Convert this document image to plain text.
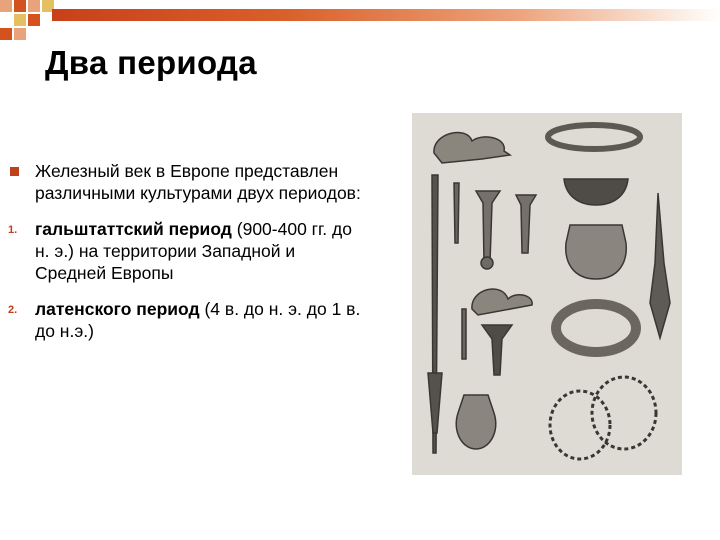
Два периода
Железный век в Европе представлен различными культурами двух периодов:
1. гальштаттский период (900-400 гг. до н. э.) на территории Западной и Средней Европы
2. латенского период (4 в. до н. э. до 1 в. до н.э.)
